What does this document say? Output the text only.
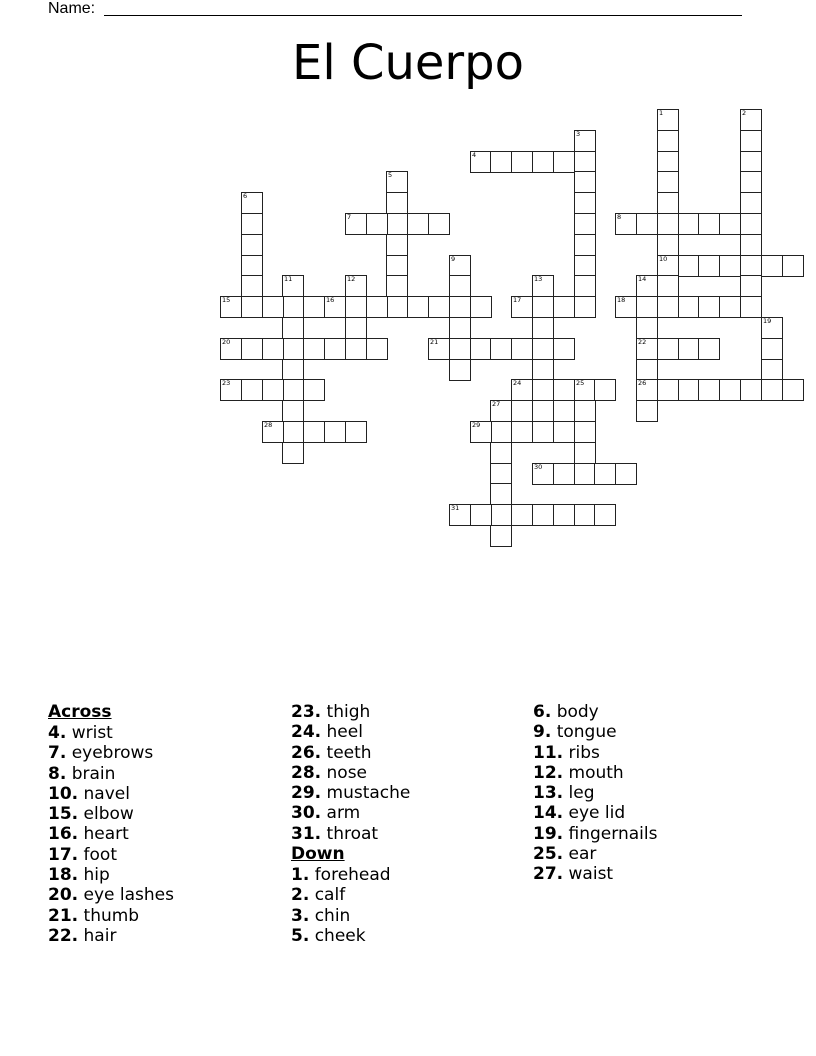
Name:
El Cuerpo
1	2
3
4
5
6
7	8
9	10
11	12	13	14
15	16	17	18
19
20	21	22
23	24	25	26
27
28	29
30
31
Across
4. wrist
7. eyebrows
8. brain
10. navel
15. elbow
16. heart
17. foot
18. hip
20. eye lashes
21. thumb
22. hair
23. thigh
24. heel
26. teeth
28. nose
29. mustache
30. arm
31. throat
Down
1. forehead
2. calf
3. chin
5. cheek
6. body
9. tongue
11. ribs
12. mouth
13. leg
14. eye lid
19. fingernails
25. ear
27. waist
